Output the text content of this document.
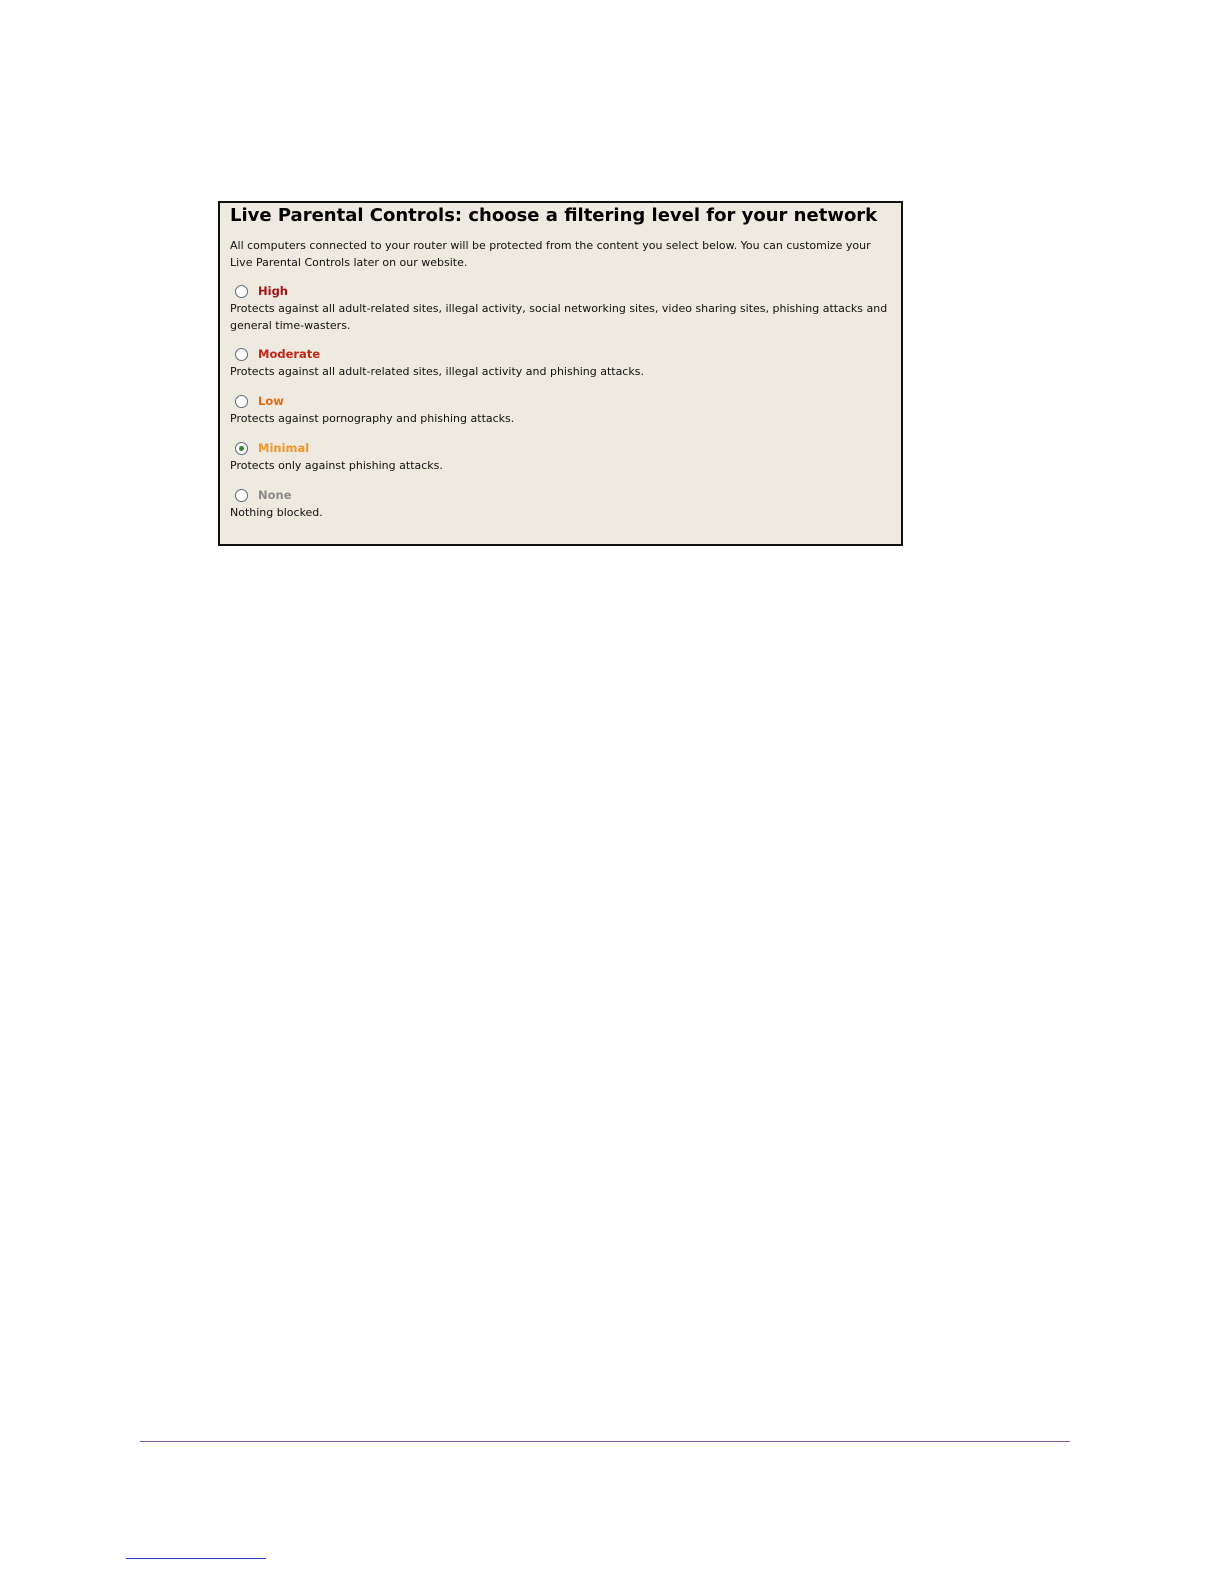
Live Parental Controls: choose a filtering level for your network

All computers connected to your router will be protected from the content you select below. You can customize your Live Parental Controls later on our website.

High

Protects against all adult-related sites, illegal activity, social networking sites, video sharing sites, phishing attacks and general time-wasters.

Moderate

Protects against all adult-related sites, illegal activity and phishing attacks.

Low

Protects against pornography and phishing attacks.

Minimal

Protects only against phishing attacks.

None

Nothing blocked.
